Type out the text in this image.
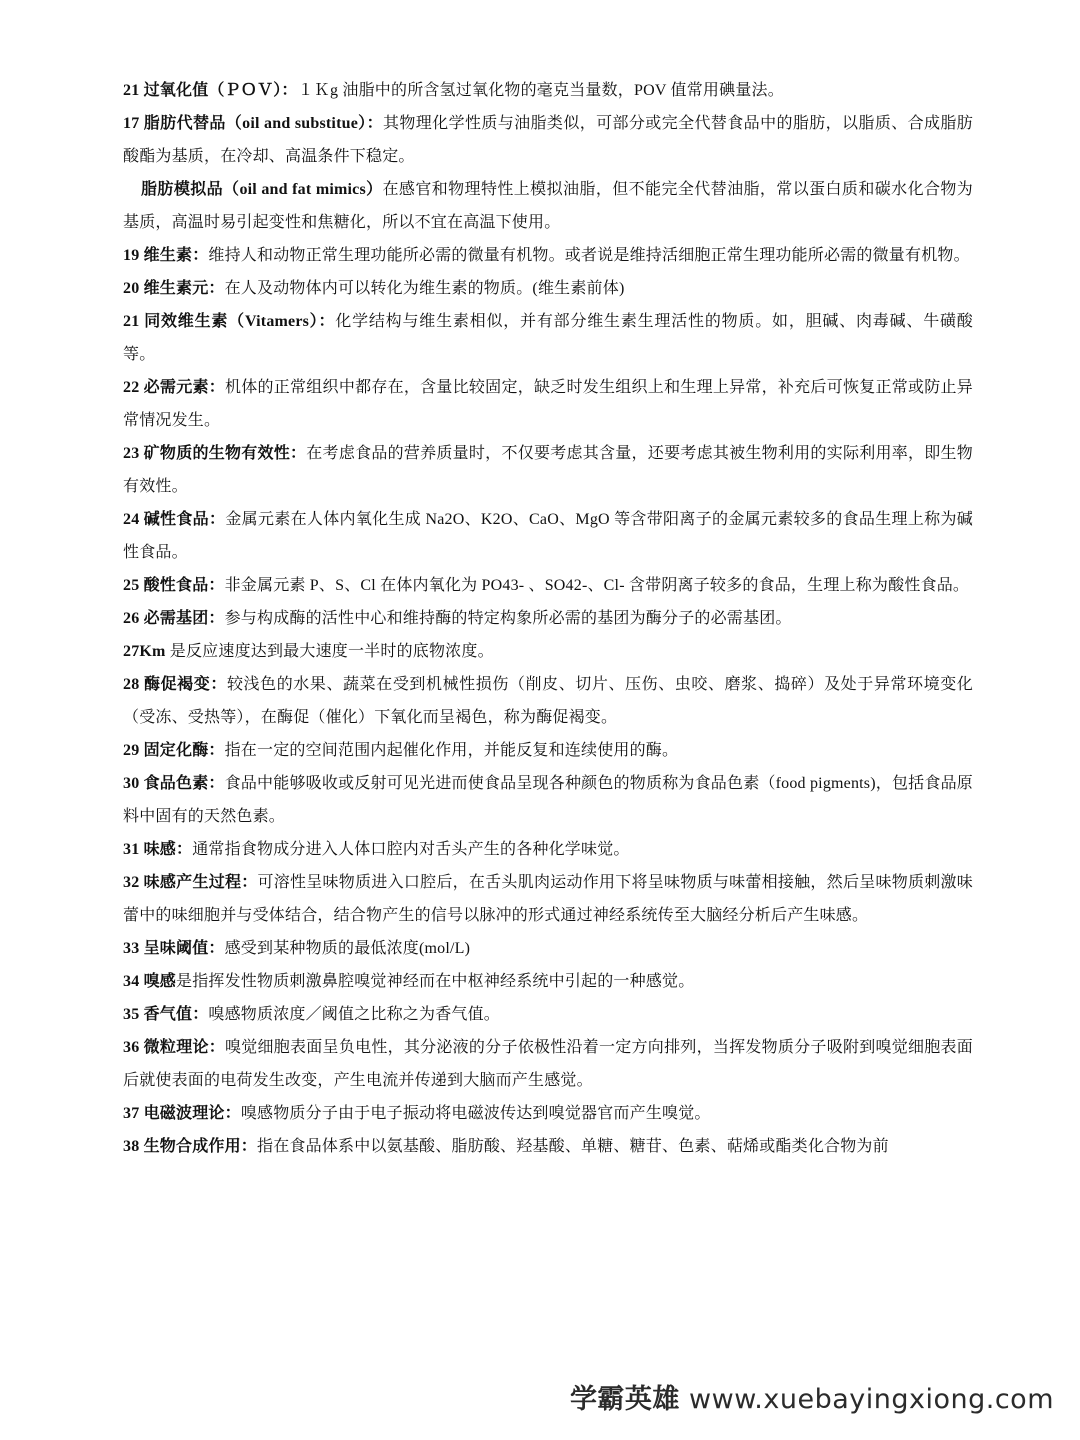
21 过氧化值（ＰＯＶ）：１Ｋg 油脂中的所含氢过氧化物的毫克当量数，POV 值常用碘量法。

17 脂肪代替品（oil and substitue）：其物理化学性质与油脂类似，可部分或完全代替食品中的脂肪，以脂质、合成脂肪酸酯为基质，在冷却、高温条件下稳定。

脂肪模拟品（oil and fat mimics）在感官和物理特性上模拟油脂，但不能完全代替油脂，常以蛋白质和碳水化合物为基质，高温时易引起变性和焦糖化，所以不宜在高温下使用。

19 维生素：维持人和动物正常生理功能所必需的微量有机物。或者说是维持活细胞正常生理功能所必需的微量有机物。

20 维生素元：在人及动物体内可以转化为维生素的物质。(维生素前体)

21 同效维生素（Vitamers）：化学结构与维生素相似，并有部分维生素生理活性的物质。如，胆碱、肉毒碱、牛磺酸等。

22 必需元素：机体的正常组织中都存在，含量比较固定，缺乏时发生组织上和生理上异常，补充后可恢复正常或防止异常情况发生。

23 矿物质的生物有效性：在考虑食品的营养质量时，不仅要考虑其含量，还要考虑其被生物利用的实际利用率，即生物有效性。

24 碱性食品：金属元素在人体内氧化生成 Na2O、K2O、CaO、MgO 等含带阳离子的金属元素较多的食品生理上称为碱性食品。

25 酸性食品：非金属元素 P、S、Cl 在体内氧化为 PO43- 、SO42-、Cl- 含带阴离子较多的食品，生理上称为酸性食品。

26 必需基团：参与构成酶的活性中心和维持酶的特定构象所必需的基团为酶分子的必需基团。

27Km 是反应速度达到最大速度一半时的底物浓度。

28 酶促褐变：较浅色的水果、蔬菜在受到机械性损伤（削皮、切片、压伤、虫咬、磨浆、捣碎）及处于异常环境变化（受冻、受热等），在酶促（催化）下氧化而呈褐色，称为酶促褐变。

29 固定化酶：指在一定的空间范围内起催化作用，并能反复和连续使用的酶。

30 食品色素：食品中能够吸收或反射可见光进而使食品呈现各种颜色的物质称为食品色素（food pigments)，包括食品原料中固有的天然色素。

31 味感：通常指食物成分进入人体口腔内对舌头产生的各种化学味觉。

32 味感产生过程：可溶性呈味物质进入口腔后，在舌头肌肉运动作用下将呈味物质与味蕾相接触，然后呈味物质刺激味蕾中的味细胞并与受体结合，结合物产生的信号以脉冲的形式通过神经系统传至大脑经分析后产生味感。

33 呈味阈值：感受到某种物质的最低浓度(mol/L)

34 嗅感是指挥发性物质刺激鼻腔嗅觉神经而在中枢神经系统中引起的一种感觉。

35 香气值：嗅感物质浓度／阈值之比称之为香气值。

36 微粒理论：嗅觉细胞表面呈负电性，其分泌液的分子依极性沿着一定方向排列，当挥发物质分子吸附到嗅觉细胞表面后就使表面的电荷发生改变，产生电流并传递到大脑而产生感觉。

37 电磁波理论：嗅感物质分子由于电子振动将电磁波传达到嗅觉器官而产生嗅觉。

38 生物合成作用：指在食品体系中以氨基酸、脂肪酸、羟基酸、单糖、糖苷、色素、萜烯或酯类化合物为前

学霸英雄 www.xuebayingxiong.com
